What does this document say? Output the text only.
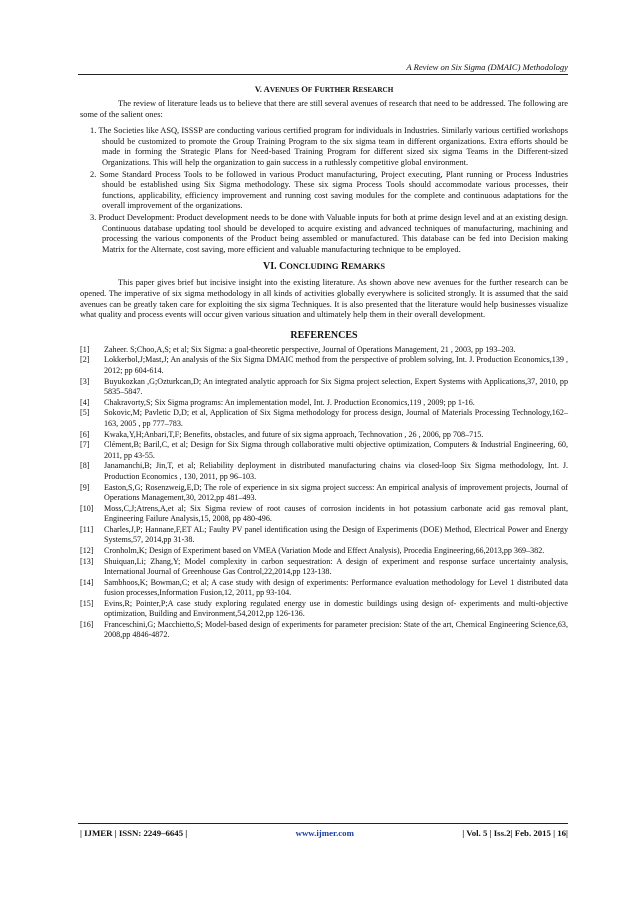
A Review on Six Sigma (DMAIC) Methodology
V. AVENUES OF FURTHER RESEARCH

The review of literature leads us to believe that there are still several avenues of research that need to be addressed. The following are some of the salient ones:

1. The Societies like ASQ, ISSSP are conducting various certified program for individuals in Industries. Similarly various certified workshops should be customized to promote the Group Training Program to the six sigma team in different organizations. Extra efforts should be made in forming the Strategic Plans for Need-based Training Program for different sized six sigma Teams in the Different-sized Organizations. This will help the organization to gain success in a ruthlessly competitive global environment.
2. Some Standard Process Tools to be followed in various Product manufacturing, Project executing, Plant running or Process Industries should be established using Six Sigma methodology. These six sigma Process Tools should accommodate various processes, their functions, applicability, efficiency improvement and running cost saving modules for the complete and continuous adaptations for the overall improvement of the organizations.
3. Product Development: Product development needs to be done with Valuable inputs for both at prime design level and at an existing design. Continuous database updating tool should be developed to acquire existing and advanced techniques of manufacturing, machining and processing the various components of the Product being assembled or manufactured. This database can be fed into Decision making Matrix for the Alternate, cost saving, more efficient and valuable manufacturing technique to be employed.
VI. CONCLUDING REMARKS

This paper gives brief but incisive insight into the existing literature. As shown above new avenues for the further research can be opened. The imperative of six sigma methodology in all kinds of activities globally everywhere is solicited strongly. It is assumed that the said avenues can be greatly taken care for exploiting the six sigma Techniques. It is also presented that the literature would help businesses visualize what quality and process events will occur given various situation and ultimately help them in their overall development.

REFERENCES
[1]	Zaheer. S;Choo,A,S; et al; Six Sigma: a goal-theoretic perspective, Journal of Operations Management, 21 , 2003, pp 193–203.
[2]	Lokkerbol,J;Mast,J; An analysis of the Six Sigma DMAIC method from the perspective of problem solving, Int. J. Production Economics,139 , 2012; pp 604-614.
[3]	Buyukozkan ,G;Ozturkcan,D; An integrated analytic approach for Six Sigma project selection, Expert Systems with Applications,37, 2010, pp 5835–5847.
[4]	Chakravorty,S; Six Sigma programs: An implementation model, Int. J. Production Economics,119 , 2009; pp 1-16.
[5]	Sokovic,M; Pavletic D,D; et al, Application of Six Sigma methodology for process design, Journal of Materials Processing Technology,162–163, 2005 , pp 777–783.
[6]	Kwaka,Y,H;Anbari,T,F; Benefits, obstacles, and future of six sigma approach, Technovation , 26 , 2006, pp 708–715.
[7]	Clément,B; Baril,C, et al; Design for Six Sigma through collaborative multi objective optimization, Computers & Industrial Engineering, 60, 2011, pp 43-55.
[8]	Janamanchi,B; Jin,T, et al; Reliability deployment in distributed manufacturing chains via closed-loop Six Sigma methodology, Int. J. Production Economics , 130, 2011, pp 96–103.
[9]	Easton,S,G; Rosenzweig,E,D; The role of experience in six sigma project success: An empirical analysis of improvement projects, Journal of Operations Management,30, 2012,pp 481–493.
[10]	Moss,C,J;Atrens,A,et al; Six Sigma review of root causes of corrosion incidents in hot potassium carbonate acid gas removal plant, Engineering Failure Analysis,15, 2008, pp 480-496.
[11]	Charles,J,P; Hannane,F,ET AL; Faulty PV panel identification using the Design of Experiments (DOE) Method, Electrical Power and Energy Systems,57, 2014,pp 31-38.
[12]	Cronholm,K; Design of Experiment based on VMEA (Variation Mode and Effect Analysis), Procedia Engineering,66,2013,pp 369–382.
[13]	Shuiquan,Li; Zhang,Y; Model complexity in carbon sequestration: A design of experiment and response surface uncertainty analysis, International Journal of Greenhouse Gas Control,22,2014,pp 123-138.
[14]	Sambhoos,K; Bowman,C; et al; A case study with design of experiments: Performance evaluation methodology for Level 1 distributed data fusion processes,Information Fusion,12, 2011, pp 93-104.
[15]	Evins,R; Pointer,P;A case study exploring regulated energy use in domestic buildings using design of- experiments and multi-objective optimization, Building and Environment,54,2012,pp 126-136.
[16]	Franceschini,G; Macchietto,S; Model-based design of experiments for parameter precision: State of the art, Chemical Engineering Science,63, 2008,pp 4846-4872.
| IJMER | ISSN: 2249–6645 |	www.ijmer.com	| Vol. 5 | Iss.2| Feb. 2015 | 16|
